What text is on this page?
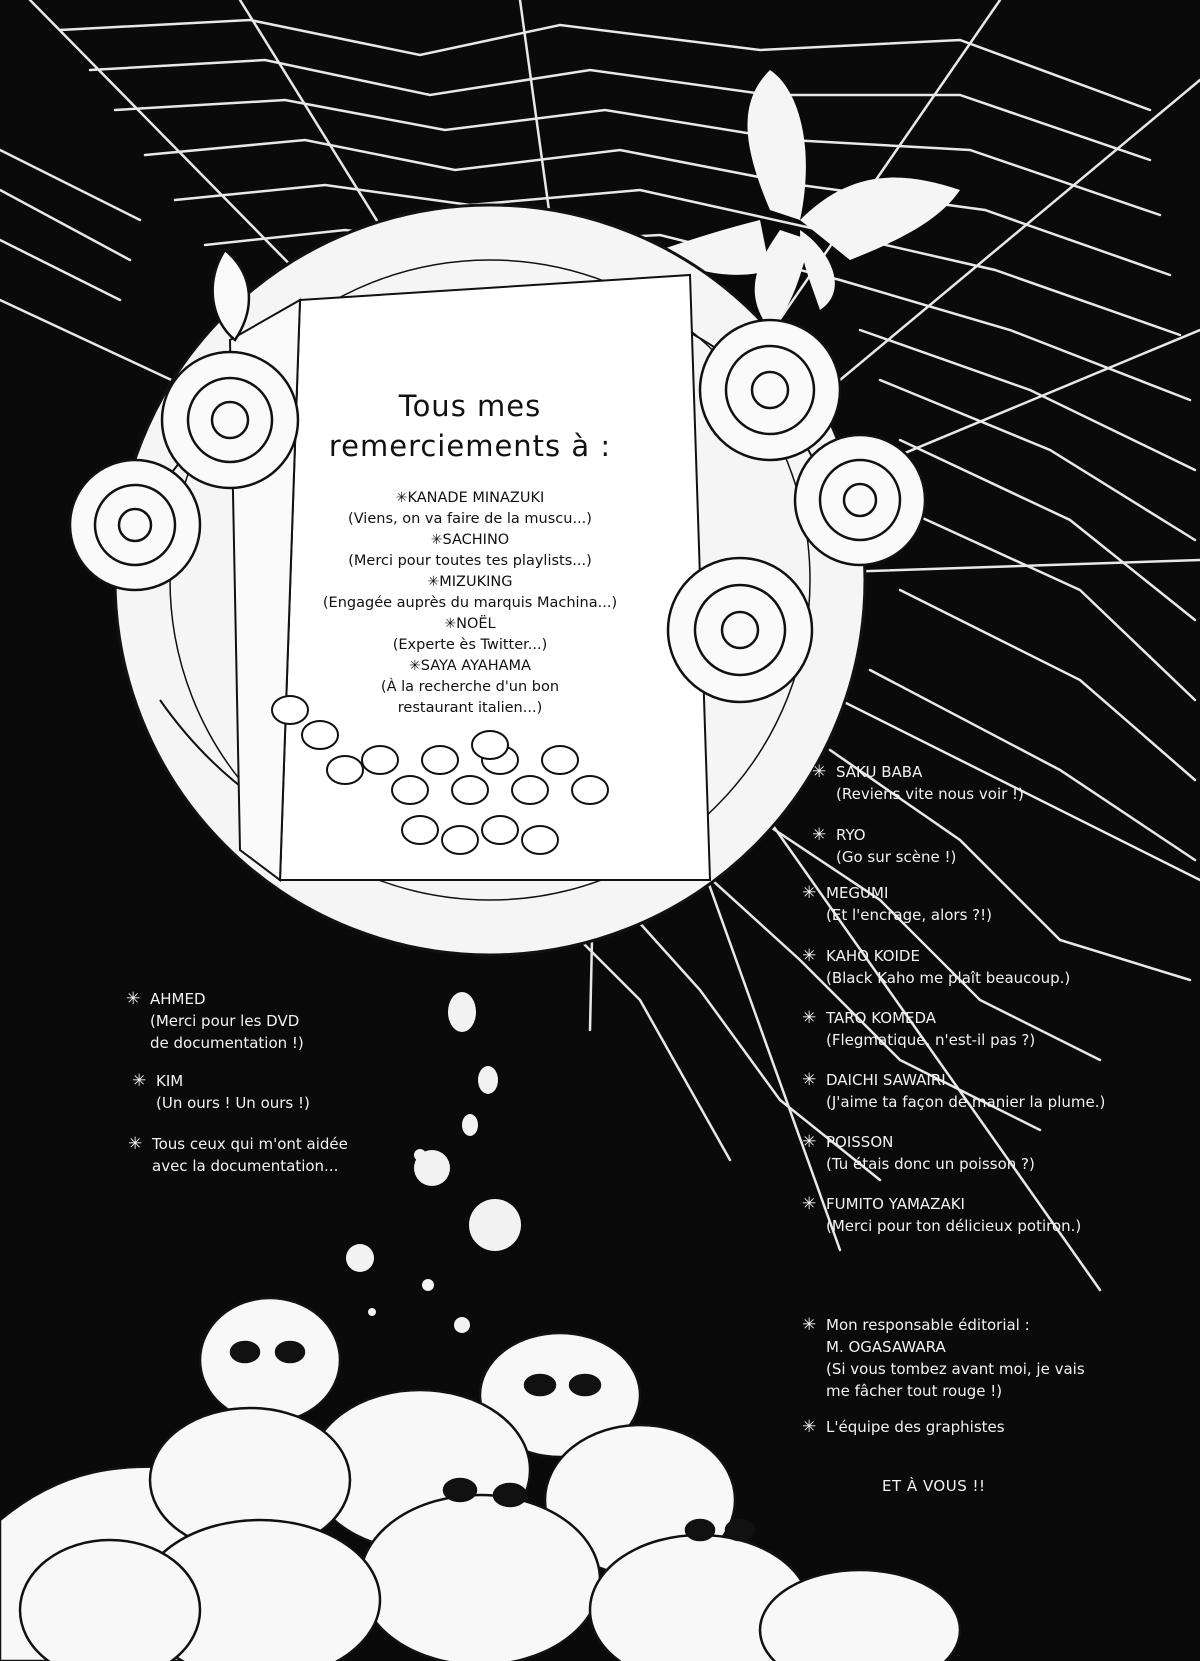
Tous mes
remerciements à :
✳ KANADE MINAZUKI
(Viens, on va faire de la muscu...)
✳ SACHINO
(Merci pour toutes tes playlists...)
✳ MIZUKING
(Engagée auprès du marquis Machina...)
✳ NOËL
(Experte ès Twitter...)
✳ SAYA AYAHAMA
(À la recherche d'un bon
restaurant italien...)
✳ AHMED
(Merci pour les DVD
de documentation !)
✳ KIM
(Un ours ! Un ours !)
✳ Tous ceux qui m'ont aidée
avec la documentation...
✳ SAKU BABA
(Reviens vite nous voir !)
✳ RYO
(Go sur scène !)
✳ MEGUMI
(Et l'encrage, alors ?!)
✳ KAHO KOIDE
(Black Kaho me plaît beaucoup.)
✳ TARO KOMEDA
(Flegmatique, n'est-il pas ?)
✳ DAICHI SAWAIRI
(J'aime ta façon de manier la plume.)
✳ POISSON
(Tu étais donc un poisson ?)
✳ FUMITO YAMAZAKI
(Merci pour ton délicieux potiron.)
✳ Mon responsable éditorial :
M. OGASAWARA
(Si vous tombez avant moi, je vais
me fâcher tout rouge !)
✳ L'équipe des graphistes
ET À VOUS !!
